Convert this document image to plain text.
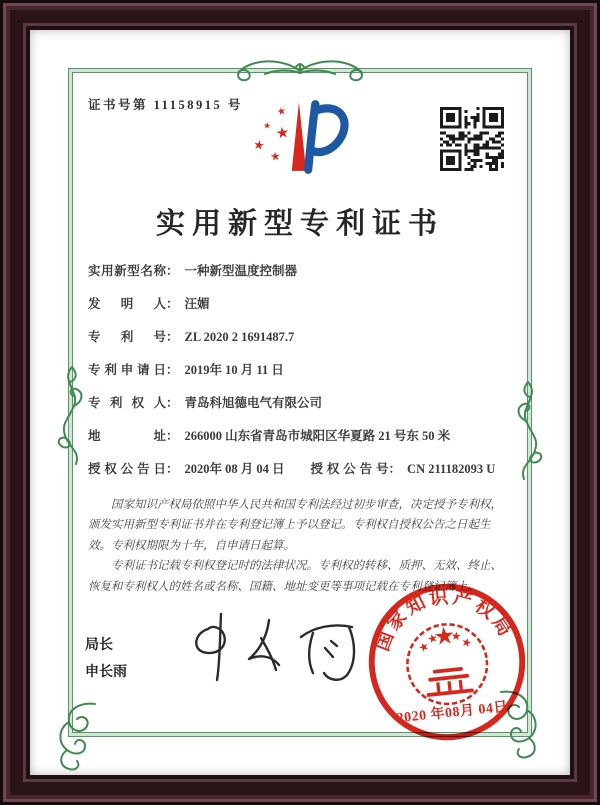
证书号第 11158915 号
实用新型专利证书
实用新型名称： 一种新型温度控制器
发明人： 汪媚
专利号： ZL 2020 2 1691487.7
专利申请日： 2019年 10 月 11 日
专利权人： 青岛科旭德电气有限公司
地址： 266000 山东省青岛市城阳区华夏路 21 号东 50 米
授权公告日： 2020年 08 月 04 日 授权公告号： CN 211182093 U

国家知识产权局依照中华人民共和国专利法经过初步审查，决定授予专利权，颁发实用新型专利证书并在专利登记簿上予以登记。专利权自授权公告之日起生效。专利权期限为十年，自申请日起算。

专利证书记载专利权登记时的法律状况。专利权的转移、质押、无效、终止、恢复和专利权人的姓名或名称、国籍、地址变更等事项记载在专利登记簿上。

局长
申长雨
国家知识产权局
2020 年08月 04日
